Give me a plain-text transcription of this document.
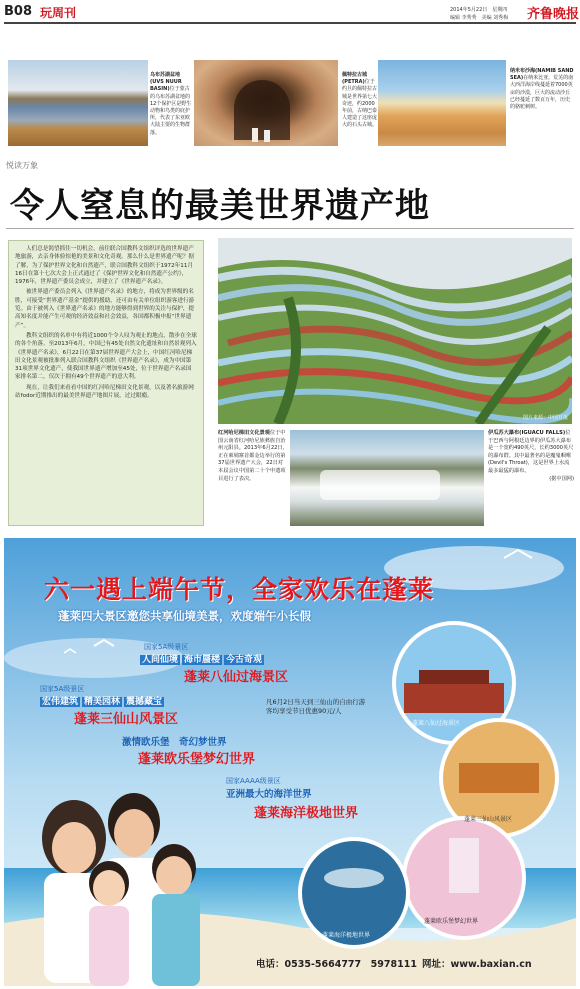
B08 玩周刊	2014年5月22日　星期四
编辑 李秀秀　美编 刘秀梅 齐鲁晚报
乌布苏湖盆地(UVS NUUR BASIN)位于蒙古的乌布苏湖盆地的12个保护区是野生动物和鸟类的庇护所，代表了东亚欧大陆主要的生物群落。
佩特拉古城(PETRA)位于约旦的佩特拉古城是世界第七大奇迹，约2000年前，古纳巴泰人建造了这座庞大的石头古城。
纳米布沙海(NAMIB SAND SEA)在纳米比亚，荒芜的南大西洋海岸线蔓延着7000英亩的沙漠，巨大的流动沙丘已经蔓延了数百万年，历史的骆驼刺树。
悦读万象
令人窒息的最美世界遗产地

人们总是渴望抓住一切机会，前往联合国教科文组织评选的世界遗产地旅游，去亲身体验惊艳的美景和文化奇观。那么什么是世界遗产呢？据了解，为了保护世界文化和自然遗产，联合国教科文组织于1972年11月16日在第十七次大会上正式通过了《保护世界文化和自然遗产公约》，1976年，世界遗产委员会成立，并建立了《世界遗产名录》。

被世界遗产委员会列入《世界遗产名录》的地方，将成为世界级的名胜，可接受“世界遗产基金”提供的援助，还可由有关单位组织游客进行游览。由于被列入《世界遗产名录》的地方能够得到世界的关注与保护，提高知名度并能产生可观的经济效益和社会效益，各国都积极申报“世界遗产”。

教科文组织的名单中有将近1000个令人叹为观止的地点，散步在全球的各个角落。至2013年6月，中国已有45处自然文化遗址和自然景观列入《世界遗产名录》，6月22日在第37届世界遗产大会上，中国红河哈尼梯田文化景观被批准列入联合国教科文组织《世界遗产名录》，成为中国第31项世界文化遗产，使我国世界遗产增加至45处，位于世界遗产名录国家排名第二，仅次于拥有49个世界遗产的意大利。

现在，让我们来看看中国的红河哈尼梯田文化景观，以及著名旅游网站fodor近期推出的最美世界遗产地图片展，过过眼瘾。

图片来源：中国日报
红河哈尼梯田文化景观位于中国云南省红河哈尼族彝族自治州元阳县。2013年6月22日，正在柬埔寨首都金边举行的第37届世界遗产大会，22日对本届会议中国第二十个申遗项目进行了表决。
伊瓜苏大瀑布(IGUACU FALLS)位于巴西与阿根廷边界的伊瓜苏大瀑布是一个宽约490英尺，长约3000英尺的瀑布群。其中最著名的是魔鬼咽喉(Devil's Throat)，这是世界上水流最多最猛的瀑布。
(据中国网)
六一遇上端午节，全家欢乐在蓬莱
蓬莱四大景区邀您共享仙境美景，欢度端午小长假
国家5A级景区
人间仙境 海市蜃楼 今古奇观
蓬莱八仙过海景区
国家5A级景区
宏伟建筑 精美园林 震撼藏宝
蓬莱三仙山风景区
凡6月2日当天到三仙山的自由行游客均享受节日优惠90元/人
激情欧乐堡　 奇幻梦世界
蓬莱欧乐堡梦幻世界
国家AAAA级景区
亚洲最大的海洋世界
蓬莱海洋极地世界
蓬莱八仙过海景区
蓬莱三仙山风景区
蓬莱欧乐堡梦幻世界
蓬莱海洋极地世界
电话：0535-5664777　5978111 网址：www.baxian.cn
